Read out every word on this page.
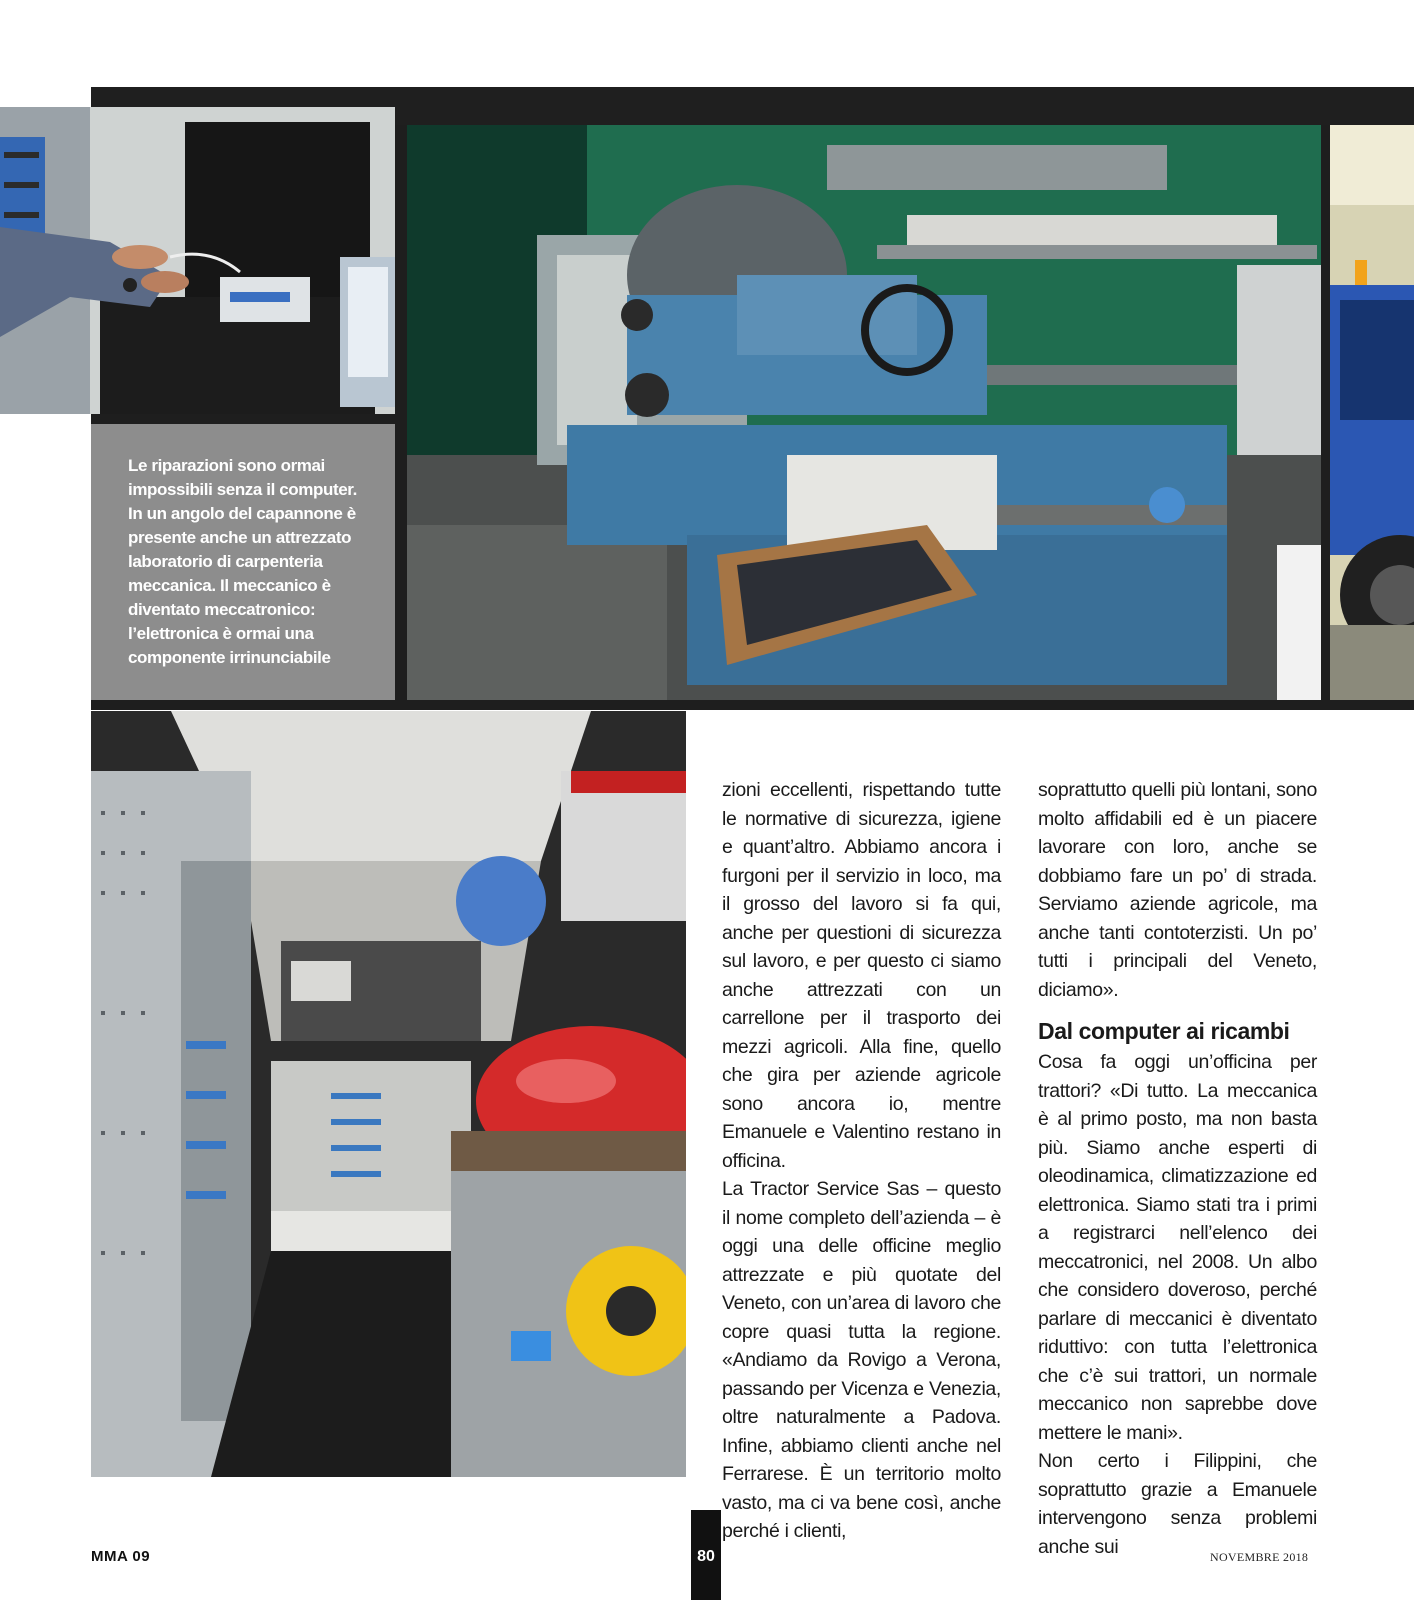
Le riparazioni sono ormai impossibili senza il computer. In un angolo del capannone è presente anche un attrezzato laboratorio di carpenteria meccanica. Il meccanico è diventato meccatronico: l’elettronica è ormai una componente irrinunciabile

zioni eccellenti, rispettando tutte le normative di sicurezza, igiene e quant’altro. Abbiamo ancora i furgoni per il servizio in loco, ma il grosso del lavoro si fa qui, anche per questioni di sicurezza sul lavoro, e per questo ci siamo anche attrezzati con un carrellone per il trasporto dei mezzi agricoli. Alla fine, quello che gira per aziende agricole sono ancora io, mentre Emanuele e Valentino restano in officina.

La Tractor Service Sas – questo il nome completo dell’azienda – è oggi una delle officine meglio attrezzate e più quotate del Veneto, con un’area di lavoro che copre quasi tutta la regione. «Andiamo da Rovigo a Verona, passando per Vicenza e Venezia, oltre naturalmente a Padova. Infine, abbiamo clienti anche nel Ferrarese. È un territorio molto vasto, ma ci va bene così, anche perché i clienti,

soprattutto quelli più lontani, sono molto affidabili ed è un piacere lavorare con loro, anche se dobbiamo fare un po’ di strada. Serviamo aziende agricole, ma anche tanti contoterzisti. Un po’ tutti i principali del Veneto, diciamo».

Dal computer ai ricambi

Cosa fa oggi un’officina per trattori? «Di tutto. La meccanica è al primo posto, ma non basta più. Siamo anche esperti di oleodinamica, climatizzazione ed elettronica. Siamo stati tra i primi a registrarci nell’elenco dei meccatronici, nel 2008. Un albo che considero doveroso, perché parlare di meccanici è diventato riduttivo: con tutta l’elettronica che c’è sui trattori, un normale meccanico non saprebbe dove mettere le mani».

Non certo i Filippini, che soprattutto grazie a Emanuele intervengono senza problemi anche sui

MMA 09	80	NOVEMBRE 2018
